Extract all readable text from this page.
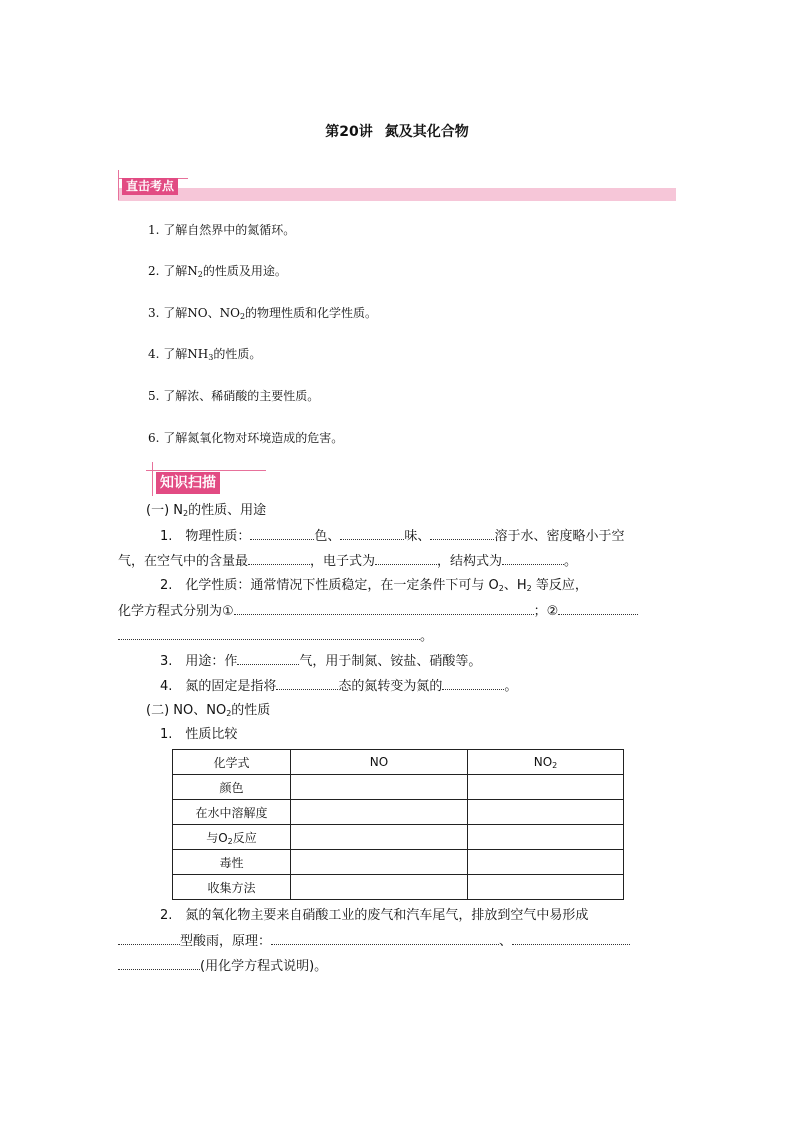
第20讲 氮及其化合物
直击考点
1. 了解自然界中的氮循环。
2. 了解$N_2$的性质及用途。
3. 了解NO、$NO_2$的物理性质和化学性质。
4. 了解$NH_3$的性质。
5. 了解浓、稀硝酸的主要性质。
6. 了解氮氧化物对环境造成的危害。
知识扫描
(一) $N_2$的性质、用途
1.　物理性质：	色、	味、	溶于水、密度略小于空
气，在空气中的含量最	，电子式为	，结构式为	。
2.　化学性质：通常情况下性质稳定，在一定条件下可与 $O_2$、$H_2$ 等反应，
化学方程式分别为①	；②
。
3.　用途：作	气，用于制氮、铵盐、硝酸等。
4.　氮的固定是指将	态的氮转变为氮的	。
(二) NO、$NO_2$的性质
1.　性质比较
化学式	NO	$NO_2$
颜色		
在水中溶解度		
与$O_2$反应		
毒性		
收集方法		
2.　氮的氧化物主要来自硝酸工业的废气和汽车尾气，排放到空气中易形成
型酸雨，原理：	、
(用化学方程式说明)。
